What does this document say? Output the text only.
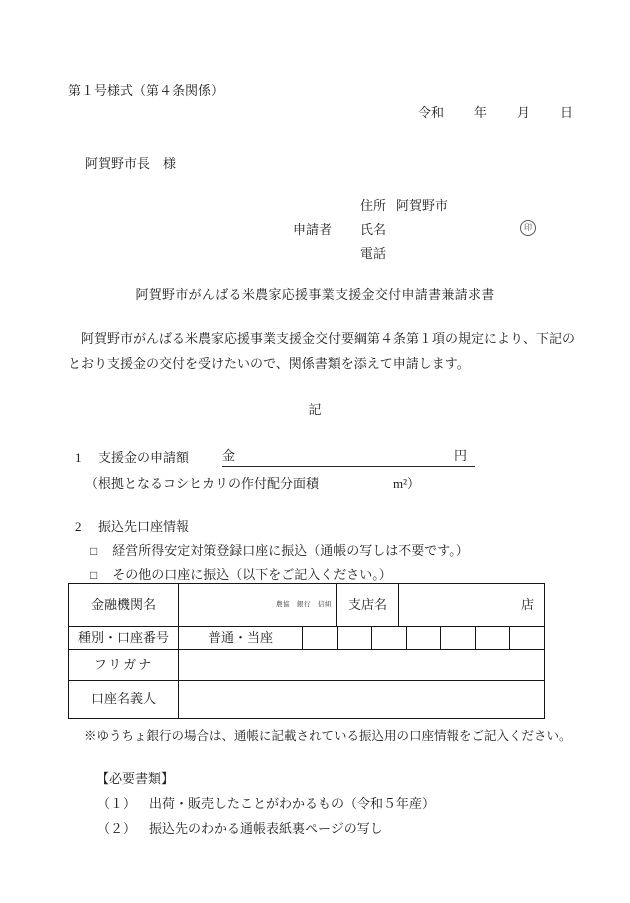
第１号様式（第４条関係）
令和 年 月 日
阿賀野市長　様
住所 阿賀野市
申請者 氏名	印
電話
阿賀野市がんばる米農家応援事業支援金交付申請書兼請求書
　阿賀野市がんばる米農家応援事業支援金交付要綱第４条第１項の規定により、下記の
とおり支援金の交付を受けたいので、関係書類を添えて申請します。
記
1 支援金の申請額	金	円
（根拠となるコシヒカリの作付配分面積	m²）
2 振込先口座情報
□ 経営所得安定対策登録口座に振込（通帳の写しは不要です。）
□ その他の口座に振込（以下をご記入ください。）
金融機関名	農協　銀行　信組	支店名	店
種別・口座番号	普通・当座
フリガナ
口座名義人
※ゆうちょ銀行の場合は、通帳に記載されている振込用の口座情報をご記入ください。
【必要書類】
（１） 出荷・販売したことがわかるもの（令和５年産）
（２） 振込先のわかる通帳表紙裏ページの写し
